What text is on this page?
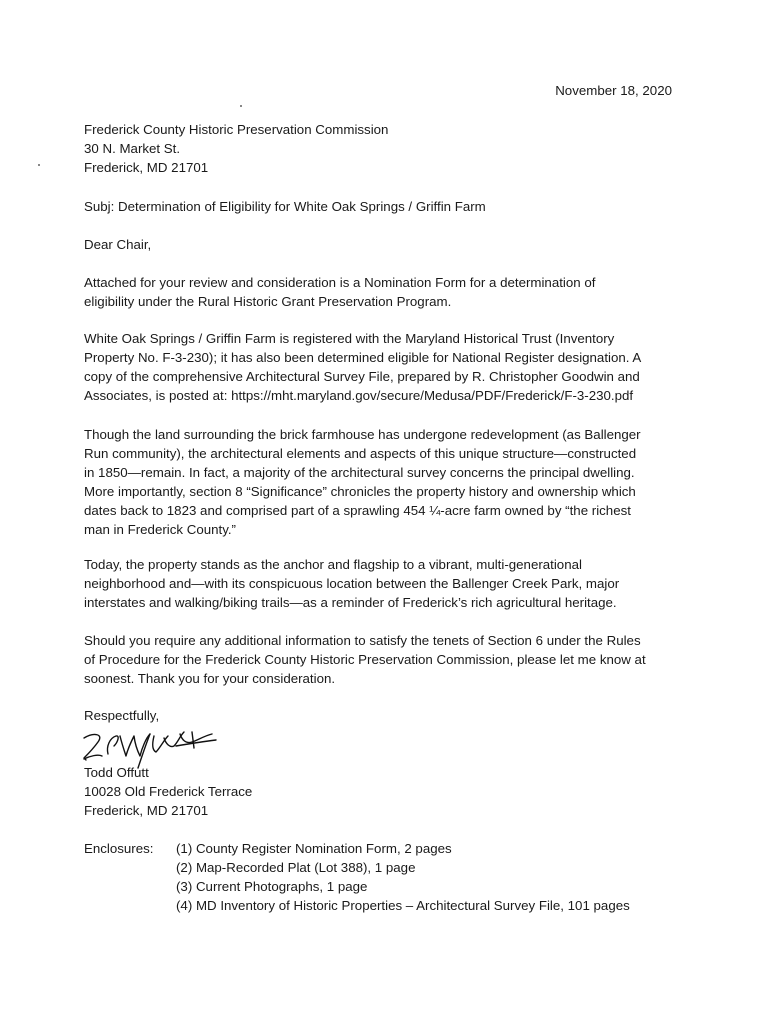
November 18, 2020
Frederick County Historic Preservation Commission
30 N. Market St.
Frederick, MD 21701
Subj: Determination of Eligibility for White Oak Springs / Griffin Farm
Dear Chair,
Attached for your review and consideration is a Nomination Form for a determination of
eligibility under the Rural Historic Grant Preservation Program.
White Oak Springs / Griffin Farm is registered with the Maryland Historical Trust (Inventory
Property No. F-3-230); it has also been determined eligible for National Register designation. A
copy of the comprehensive Architectural Survey File, prepared by R. Christopher Goodwin and
Associates, is posted at: https://mht.maryland.gov/secure/Medusa/PDF/Frederick/F-3-230.pdf
Though the land surrounding the brick farmhouse has undergone redevelopment (as Ballenger
Run community), the architectural elements and aspects of this unique structure—constructed
in 1850—remain. In fact, a majority of the architectural survey concerns the principal dwelling.
More importantly, section 8 “Significance” chronicles the property history and ownership which
dates back to 1823 and comprised part of a sprawling 454 ¼-acre farm owned by “the richest
man in Frederick County.”
Today, the property stands as the anchor and flagship to a vibrant, multi-generational
neighborhood and—with its conspicuous location between the Ballenger Creek Park, major
interstates and walking/biking trails—as a reminder of Frederick’s rich agricultural heritage.
Should you require any additional information to satisfy the tenets of Section 6 under the Rules
of Procedure for the Frederick County Historic Preservation Commission, please let me know at
soonest. Thank you for your consideration.
Respectfully,
Todd Offutt
10028 Old Frederick Terrace
Frederick, MD 21701
Enclosures:	(1) County Register Nomination Form, 2 pages
(2) Map-Recorded Plat (Lot 388), 1 page
(3) Current Photographs, 1 page
(4) MD Inventory of Historic Properties – Architectural Survey File, 101 pages
